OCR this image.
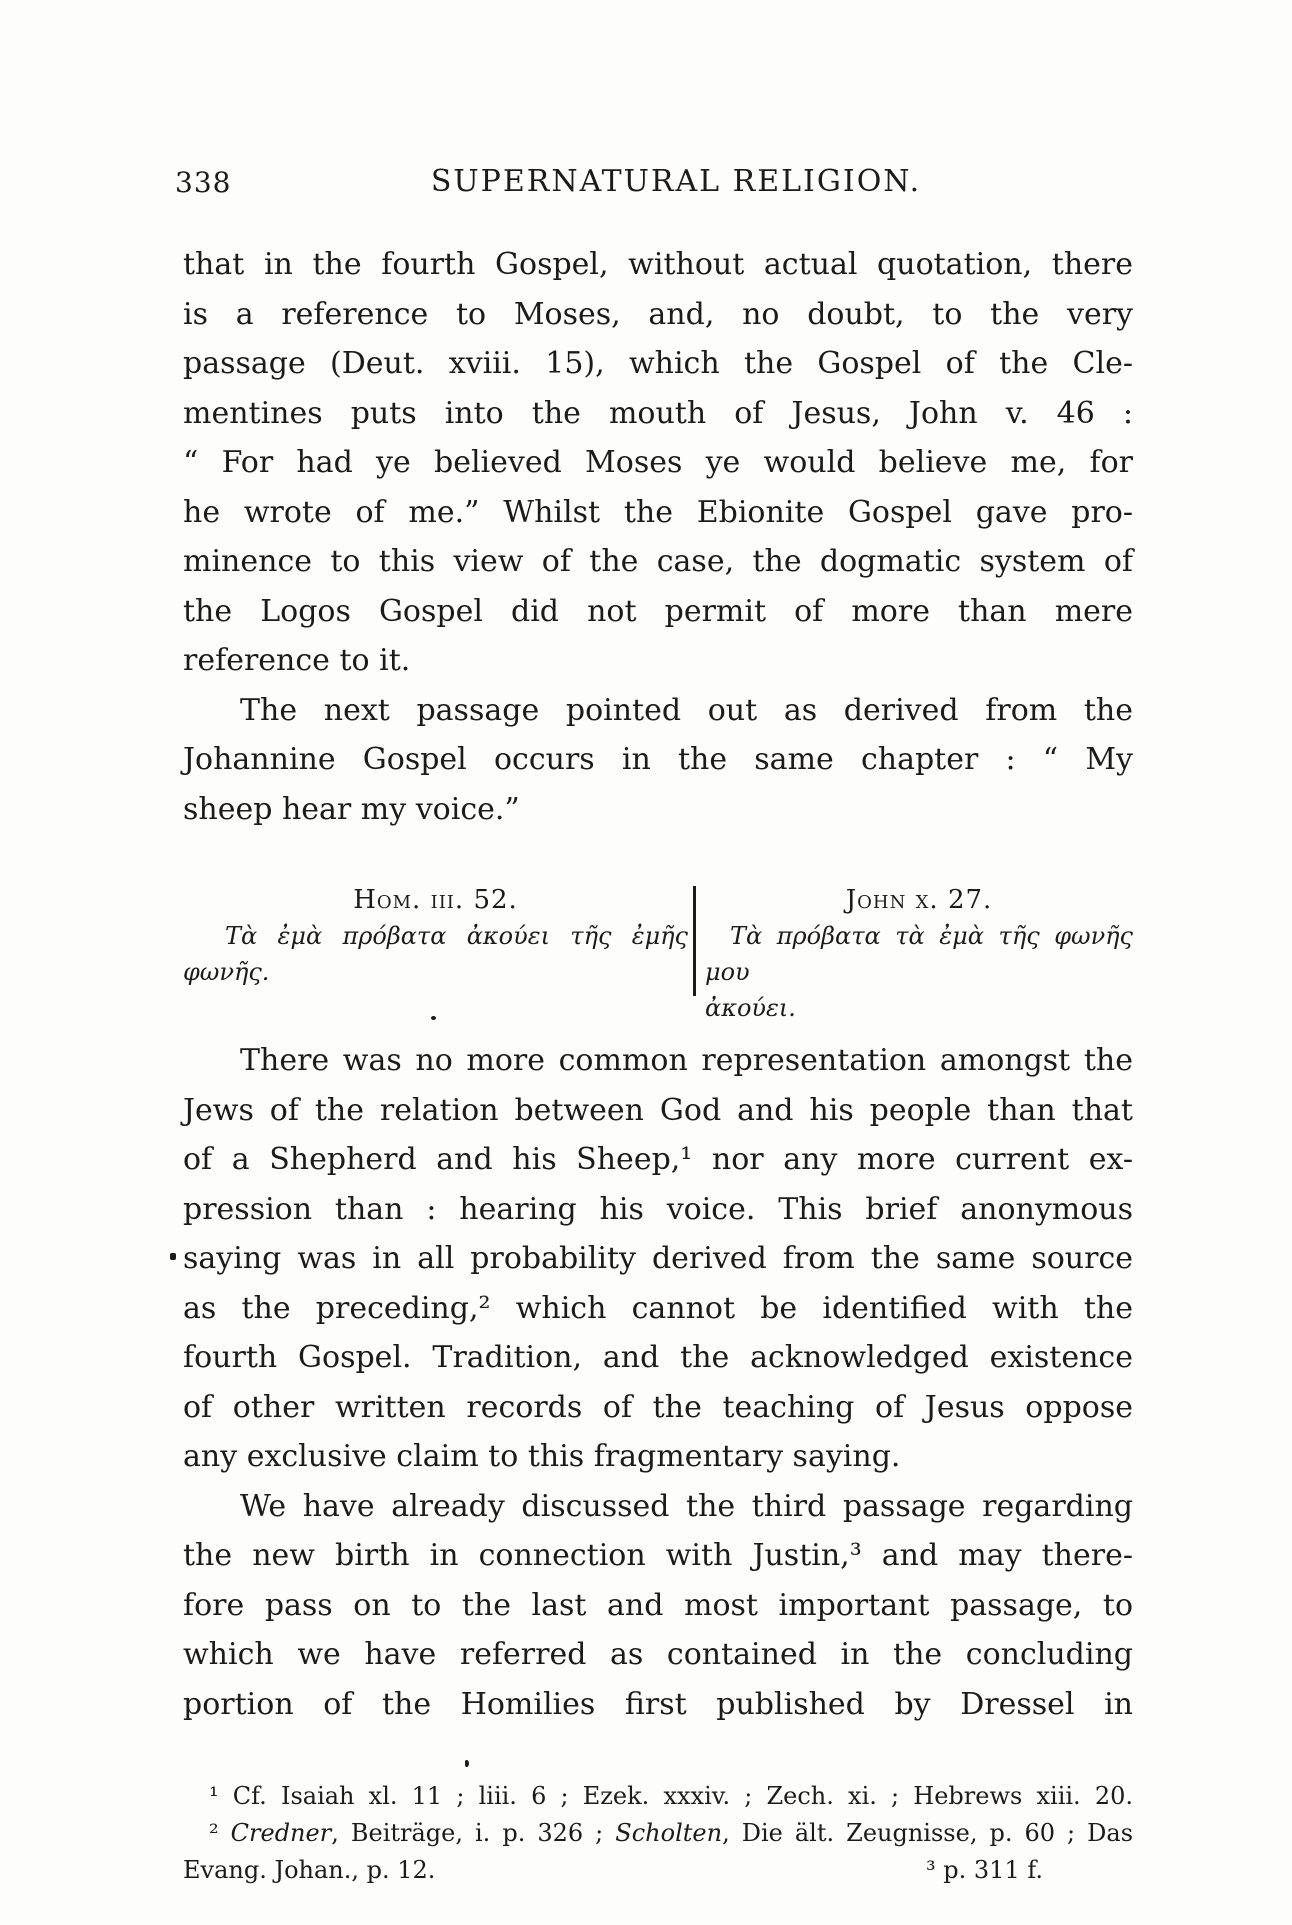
338	SUPERNATURAL RELIGION.
that in the fourth Gospel, without actual quotation, there
is a reference to Moses, and, no doubt, to the very
passage (Deut. xviii. 15), which the Gospel of the Cle-
mentines puts into the mouth of Jesus, John v. 46 :
“ For had ye believed Moses ye would believe me, for
he wrote of me.” Whilst the Ebionite Gospel gave pro-
minence to this view of the case, the dogmatic system of
the Logos Gospel did not permit of more than mere
reference to it.
The next passage pointed out as derived from the
Johannine Gospel occurs in the same chapter : “ My
sheep hear my voice.”
Hom. iii. 52.
Τὰ ἐμὰ πρόβατα ἀκούει τῆς ἐμῆς
φωνῆς.
John x. 27.
Τὰ πρόβατα τὰ ἐμὰ τῆς φωνῆς μου
ἀκούει.
There was no more common representation amongst the
Jews of the relation between God and his people than that
of a Shepherd and his Sheep,¹ nor any more current ex-
pression than : hearing his voice. This brief anonymous
saying was in all probability derived from the same source
as the preceding,² which cannot be identified with the
fourth Gospel. Tradition, and the acknowledged existence
of other written records of the teaching of Jesus oppose
any exclusive claim to this fragmentary saying.
We have already discussed the third passage regarding
the new birth in connection with Justin,³ and may there-
fore pass on to the last and most important passage, to
which we have referred as contained in the concluding
portion of the Homilies first published by Dressel in
¹ Cf. Isaiah xl. 11 ; liii. 6 ; Ezek. xxxiv. ; Zech. xi. ; Hebrews xiii. 20.
² Credner, Beiträge, i. p. 326 ; Scholten, Die ält. Zeugnisse, p. 60 ; Das
Evang. Johan., p. 12.	³ p. 311 f.
